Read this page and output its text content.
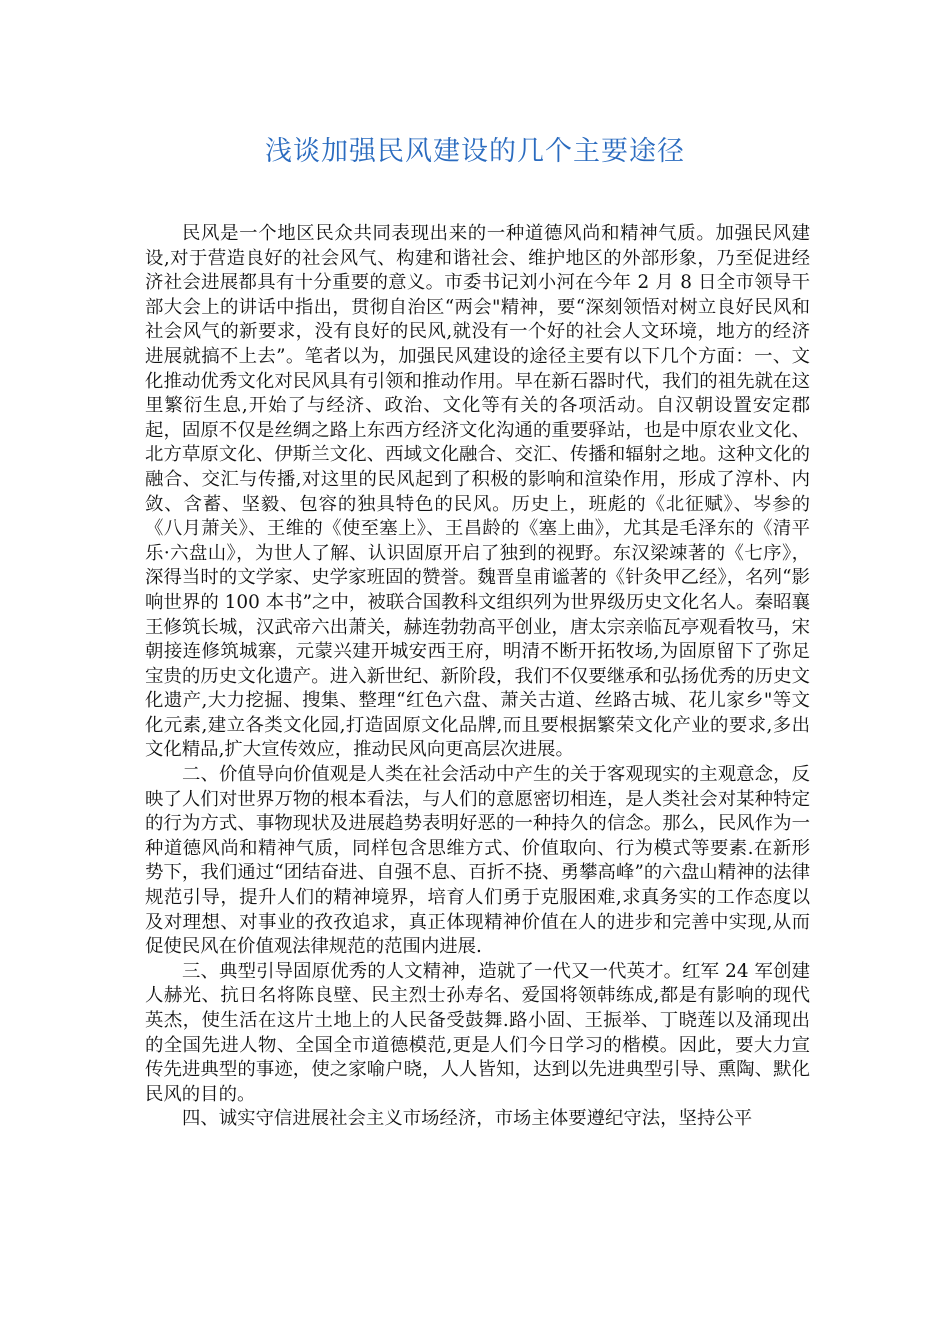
浅谈加强民风建设的几个主要途径

民风是一个地区民众共同表现出来的一种道德风尚和精神气质。加强民风建设,对于营造良好的社会风气、构建和谐社会、维护地区的外部形象，乃至促进经济社会进展都具有十分重要的意义。市委书记刘小河在今年 2 月 8 日全市领导干部大会上的讲话中指出，贯彻自治区“两会"精神，要“深刻领悟对树立良好民风和社会风气的新要求，没有良好的民风,就没有一个好的社会人文环境，地方的经济进展就搞不上去”。笔者以为，加强民风建设的途径主要有以下几个方面：一、文化推动优秀文化对民风具有引领和推动作用。早在新石器时代，我们的祖先就在这里繁衍生息,开始了与经济、政治、文化等有关的各项活动。自汉朝设置安定郡起，固原不仅是丝绸之路上东西方经济文化沟通的重要驿站，也是中原农业文化、北方草原文化、伊斯兰文化、西域文化融合、交汇、传播和辐射之地。这种文化的融合、交汇与传播,对这里的民风起到了积极的影响和渲染作用，形成了淳朴、内敛、含蓄、坚毅、包容的独具特色的民风。历史上，班彪的《北征赋》、岑参的《八月萧关》、王维的《使至塞上》、王昌龄的《塞上曲》，尤其是毛泽东的《清平乐·六盘山》，为世人了解、认识固原开启了独到的视野。东汉梁竦著的《七序》，深得当时的文学家、史学家班固的赞誉。魏晋皇甫谧著的《针灸甲乙经》，名列“影响世界的 100 本书”之中，被联合国教科文组织列为世界级历史文化名人。秦昭襄王修筑长城，汉武帝六出萧关，赫连勃勃高平创业，唐太宗亲临瓦亭观看牧马，宋朝接连修筑城寨，元蒙兴建开城安西王府，明清不断开拓牧场,为固原留下了弥足宝贵的历史文化遗产。进入新世纪、新阶段，我们不仅要继承和弘扬优秀的历史文化遗产,大力挖掘、搜集、整理“红色六盘、萧关古道、丝路古城、花儿家乡"等文化元素,建立各类文化园,打造固原文化品牌,而且要根据繁荣文化产业的要求,多出文化精品,扩大宣传效应，推动民风向更高层次进展。

二、价值导向价值观是人类在社会活动中产生的关于客观现实的主观意念，反映了人们对世界万物的根本看法，与人们的意愿密切相连，是人类社会对某种特定的行为方式、事物现状及进展趋势表明好恶的一种持久的信念。那么，民风作为一种道德风尚和精神气质，同样包含思维方式、价值取向、行为模式等要素.在新形势下，我们通过“团结奋进、自强不息、百折不挠、勇攀高峰”的六盘山精神的法律规范引导，提升人们的精神境界，培育人们勇于克服困难,求真务实的工作态度以及对理想、对事业的孜孜追求，真正体现精神价值在人的进步和完善中实现,从而促使民风在价值观法律规范的范围内进展.

三、典型引导固原优秀的人文精神，造就了一代又一代英才。红军 24 军创建人赫光、抗日名将陈良壁、民主烈士孙寿名、爱国将领韩练成,都是有影响的现代英杰，使生活在这片土地上的人民备受鼓舞.路小固、王振举、丁晓莲以及涌现出的全国先进人物、全国全市道德模范,更是人们今日学习的楷模。因此，要大力宣传先进典型的事迹，使之家喻户晓，人人皆知，达到以先进典型引导、熏陶、默化民风的目的。

四、诚实守信进展社会主义市场经济，市场主体要遵纪守法，坚持公平
